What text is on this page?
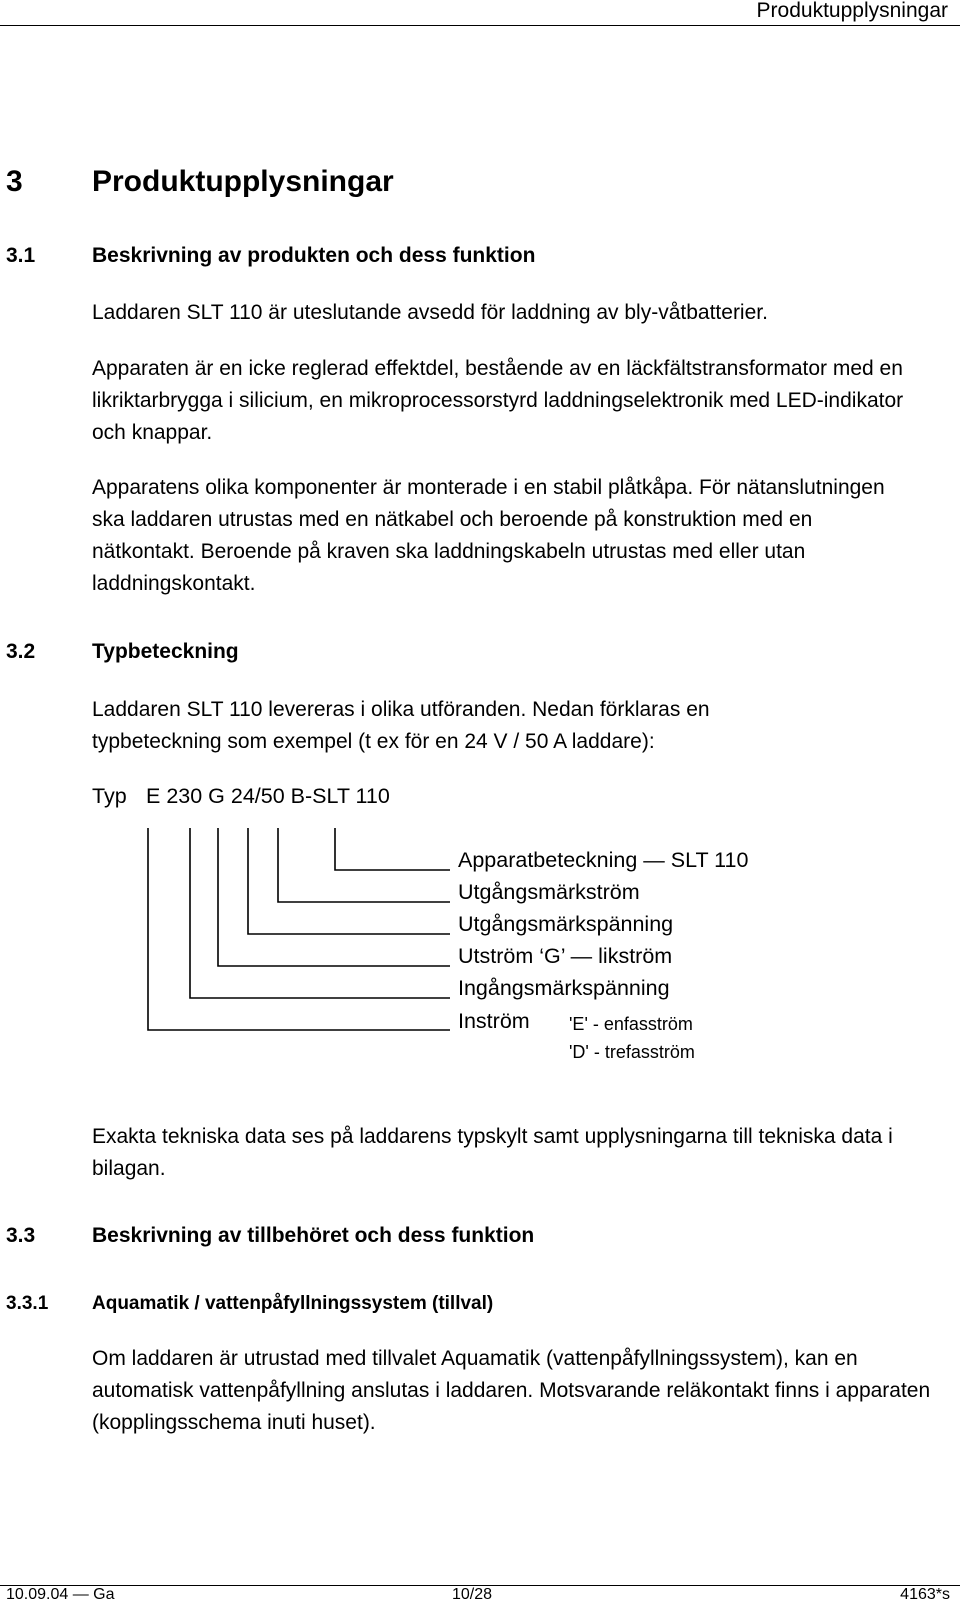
Produktupplysningar
3 Produktupplysningar
3.1	Beskrivning av produkten och dess funktion
Laddaren SLT 110 är uteslutande avsedd för laddning av bly-våtbatterier.
Apparaten är en icke reglerad effektdel, bestående av en läckfältstransformator med en likriktarbrygga i silicium, en mikroprocessorstyrd laddningselektronik med LED-indikator och knappar.
Apparatens olika komponenter är monterade i en stabil plåtkåpa. För nätanslutningen ska laddaren utrustas med en nätkabel och beroende på konstruktion med en nätkontakt. Beroende på kraven ska laddningskabeln utrustas med eller utan laddningskontakt.
3.2	Typbeteckning
Laddaren SLT 110 levereras i olika utföranden. Nedan förklaras en typbeteckning som exempel (t ex för en 24 V / 50 A laddare):
Typ E 230 G 24/50 B-SLT 110
Apparatbeteckning — SLT 110
Utgångsmärkström
Utgångsmärkspänning
Utström ‘G’ — likström
Ingångsmärkspänning
Inström 'E' - enfasström
'D' - trefasström
Exakta tekniska data ses på laddarens typskylt samt upplysningarna till tekniska data i bilagan.
3.3	Beskrivning av tillbehöret och dess funktion
3.3.1 Aquamatik / vattenpåfyllningssystem (tillval)
Om laddaren är utrustad med tillvalet Aquamatik (vattenpåfyllningssystem), kan en automatisk vattenpåfyllning anslutas i laddaren. Motsvarande reläkontakt finns i apparaten (kopplingsschema inuti huset).
10.09.04 — Ga	10/28	4163*s
